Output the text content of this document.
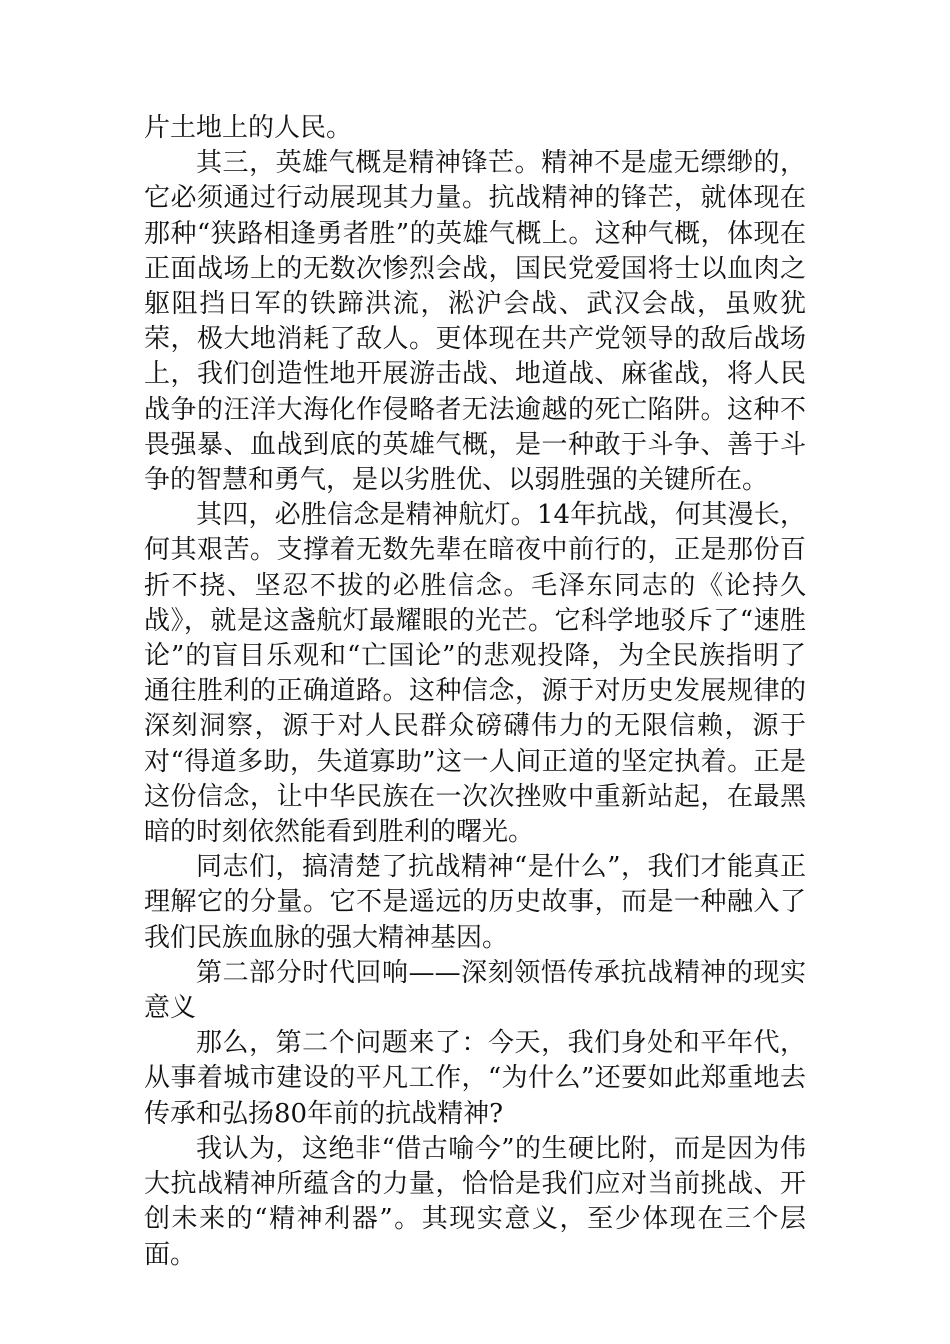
片土地上的人民。

其三，英雄气概是精神锋芒。精神不是虚无缥缈的，它必须通过行动展现其力量。抗战精神的锋芒，就体现在那种“狭路相逢勇者胜”的英雄气概上。这种气概，体现在正面战场上的无数次惨烈会战，国民党爱国将士以血肉之躯阻挡日军的铁蹄洪流，淞沪会战、武汉会战，虽败犹荣，极大地消耗了敌人。更体现在共产党领导的敌后战场上，我们创造性地开展游击战、地道战、麻雀战，将人民战争的汪洋大海化作侵略者无法逾越的死亡陷阱。这种不畏强暴、血战到底的英雄气概，是一种敢于斗争、善于斗争的智慧和勇气，是以劣胜优、以弱胜强的关键所在。

其四，必胜信念是精神航灯。14年抗战，何其漫长，何其艰苦。支撑着无数先辈在暗夜中前行的，正是那份百折不挠、坚忍不拔的必胜信念。毛泽东同志的《论持久战》，就是这盏航灯最耀眼的光芒。它科学地驳斥了“速胜论”的盲目乐观和“亡国论”的悲观投降，为全民族指明了通往胜利的正确道路。这种信念，源于对历史发展规律的深刻洞察，源于对人民群众磅礴伟力的无限信赖，源于对“得道多助，失道寡助”这一人间正道的坚定执着。正是这份信念，让中华民族在一次次挫败中重新站起，在最黑暗的时刻依然能看到胜利的曙光。

同志们，搞清楚了抗战精神“是什么”，我们才能真正理解它的分量。它不是遥远的历史故事，而是一种融入了我们民族血脉的强大精神基因。

第二部分时代回响——深刻领悟传承抗战精神的现实意义

那么，第二个问题来了：今天，我们身处和平年代，从事着城市建设的平凡工作，“为什么”还要如此郑重地去传承和弘扬80年前的抗战精神?

我认为，这绝非“借古喻今”的生硬比附，而是因为伟大抗战精神所蕴含的力量，恰恰是我们应对当前挑战、开创未来的“精神利器”。其现实意义，至少体现在三个层面。
